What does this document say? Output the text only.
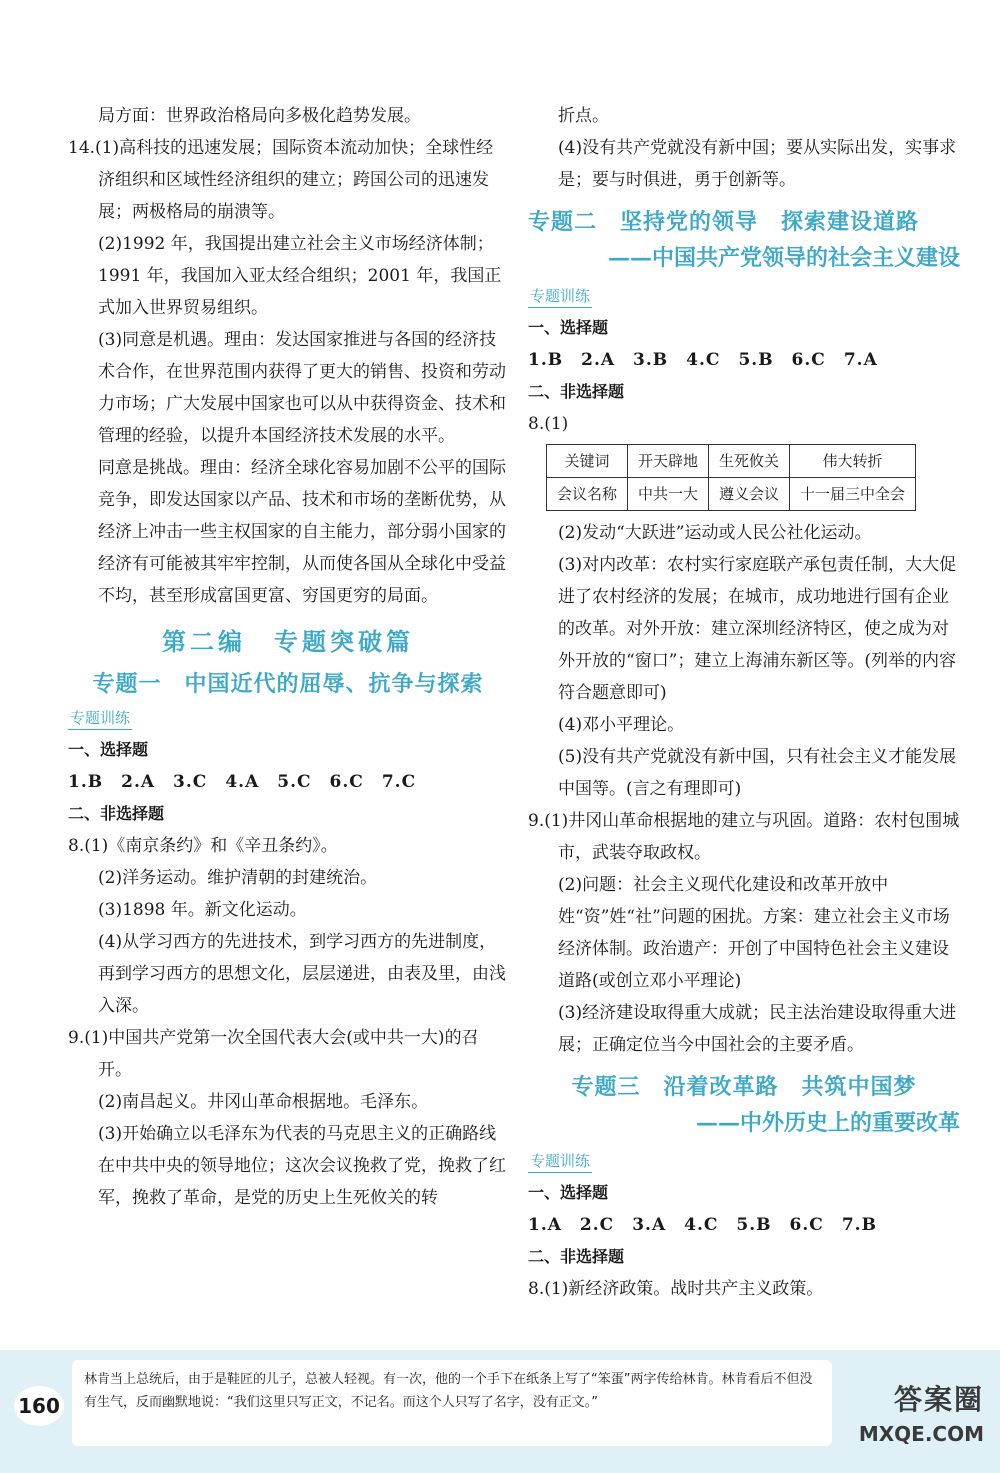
局方面：世界政治格局向多极化趋势发展。

14.(1)高科技的迅速发展；国际资本流动加快；全球性经济组织和区域性经济组织的建立；跨国公司的迅速发展；两极格局的崩溃等。

(2)1992 年，我国提出建立社会主义市场经济体制；1991 年，我国加入亚太经合组织；2001 年，我国正式加入世界贸易组织。

(3)同意是机遇。理由：发达国家推进与各国的经济技术合作，在世界范围内获得了更大的销售、投资和劳动力市场；广大发展中国家也可以从中获得资金、技术和管理的经验，以提升本国经济技术发展的水平。

同意是挑战。理由：经济全球化容易加剧不公平的国际竞争，即发达国家以产品、技术和市场的垄断优势，从经济上冲击一些主权国家的自主能力，部分弱小国家的经济有可能被其牢牢控制，从而使各国从全球化中受益不均，甚至形成富国更富、穷国更穷的局面。

第二编　专题突破篇
专题一　中国近代的屈辱、抗争与探索
专题训练

一、选择题

1.B　2.A　3.C　4.A　5.C　6.C　7.C

二、非选择题

8.(1)《南京条约》和《辛丑条约》。

(2)洋务运动。维护清朝的封建统治。

(3)1898 年。新文化运动。

(4)从学习西方的先进技术，到学习西方的先进制度，再到学习西方的思想文化，层层递进，由表及里，由浅入深。

9.(1)中国共产党第一次全国代表大会(或中共一大)的召开。

(2)南昌起义。井冈山革命根据地。毛泽东。

(3)开始确立以毛泽东为代表的马克思主义的正确路线在中共中央的领导地位；这次会议挽救了党，挽救了红军，挽救了革命，是党的历史上生死攸关的转

折点。

(4)没有共产党就没有新中国；要从实际出发，实事求是；要与时俱进，勇于创新等。

专题二　坚持党的领导　探索建设道路
——中国共产党领导的社会主义建设
专题训练

一、选择题

1.B　2.A　3.B　4.C　5.B　6.C　7.A

二、非选择题

8.(1)

关键词	开天辟地	生死攸关	伟大转折
会议名称	中共一大	遵义会议	十一届三中全会

(2)发动“大跃进”运动或人民公社化运动。

(3)对内改革：农村实行家庭联产承包责任制，大大促进了农村经济的发展；在城市，成功地进行国有企业的改革。对外开放：建立深圳经济特区，使之成为对外开放的“窗口”；建立上海浦东新区等。(列举的内容符合题意即可)

(4)邓小平理论。

(5)没有共产党就没有新中国，只有社会主义才能发展中国等。(言之有理即可)

9.(1)井冈山革命根据地的建立与巩固。道路：农村包围城市，武装夺取政权。

(2)问题：社会主义现代化建设和改革开放中姓“资”姓“社”问题的困扰。方案：建立社会主义市场经济体制。政治遗产：开创了中国特色社会主义建设道路(或创立邓小平理论)

(3)经济建设取得重大成就；民主法治建设取得重大进展；正确定位当今中国社会的主要矛盾。

专题三　沿着改革路　共筑中国梦
——中外历史上的重要改革
专题训练

一、选择题

1.A　2.C　3.A　4.C　5.B　6.C　7.B

二、非选择题

8.(1)新经济政策。战时共产主义政策。

160
林肯当上总统后，由于是鞋匠的儿子，总被人轻视。有一次，他的一个手下在纸条上写了“笨蛋”两字传给林肯。林肯看后不但没有生气，反而幽默地说：“我们这里只写正文，不记名。而这个人只写了名字，没有正文。”	答案圈
MXQE.COM
